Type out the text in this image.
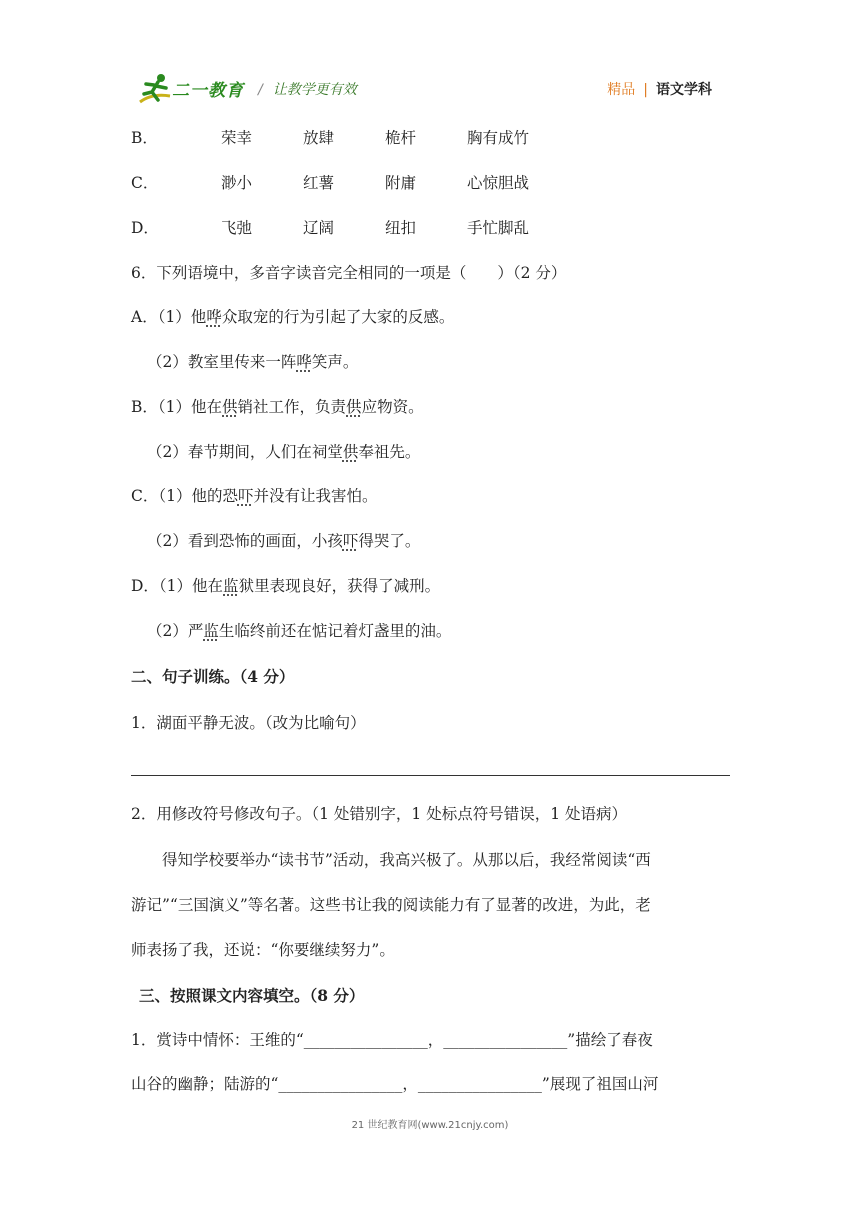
二一教育 / 让教学更有效	精品 | 语文学科
B．	荣幸	放肆	桅杆	胸有成竹
C．	渺小	红薯	附庸	心惊胆战
D．	飞弛	辽阔	纽扣	手忙脚乱
6．下列语境中，多音字读音完全相同的一项是（　　）（2 分）
A．（1）他哗众取宠的行为引起了大家的反感。
（2）教室里传来一阵哗笑声。
B．（1）他在供销社工作，负责供应物资。
（2）春节期间，人们在祠堂供奉祖先。
C．（1）他的恐吓并没有让我害怕。
（2）看到恐怖的画面，小孩吓得哭了。
D．（1）他在监狱里表现良好，获得了减刑。
（2）严监生临终前还在惦记着灯盏里的油。
二、句子训练。（4 分）
1．湖面平静无波。（改为比喻句）
2．用修改符号修改句子。（1 处错别字，1 处标点符号错误，1 处语病）
得知学校要举办“读书节”活动，我高兴极了。从那以后，我经常阅读“西
游记”“三国演义”等名著。这些书让我的阅读能力有了显著的改进，为此，老
师表扬了我，还说：“你要继续努力”。
三、按照课文内容填空。（8 分）
1．赏诗中情怀：王维的“________________，________________”描绘了春夜
山谷的幽静；陆游的“________________，________________”展现了祖国山河
21 世纪教育网(www.21cnjy.com)
